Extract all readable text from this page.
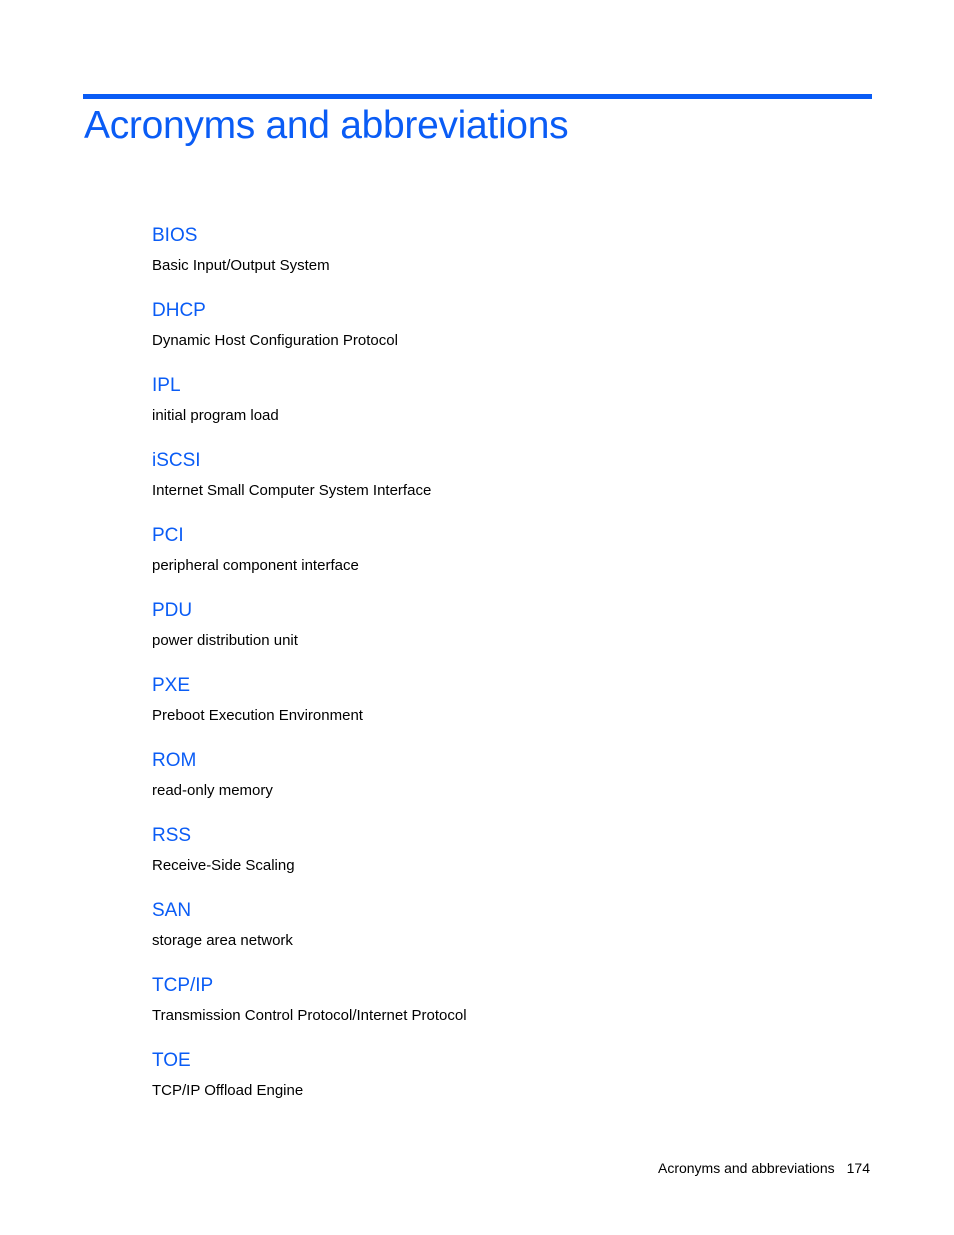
Acronyms and abbreviations
BIOS
Basic Input/Output System
DHCP
Dynamic Host Configuration Protocol
IPL
initial program load
iSCSI
Internet Small Computer System Interface
PCI
peripheral component interface
PDU
power distribution unit
PXE
Preboot Execution Environment
ROM
read-only memory
RSS
Receive-Side Scaling
SAN
storage area network
TCP/IP
Transmission Control Protocol/Internet Protocol
TOE
TCP/IP Offload Engine
Acronyms and abbreviations 174
